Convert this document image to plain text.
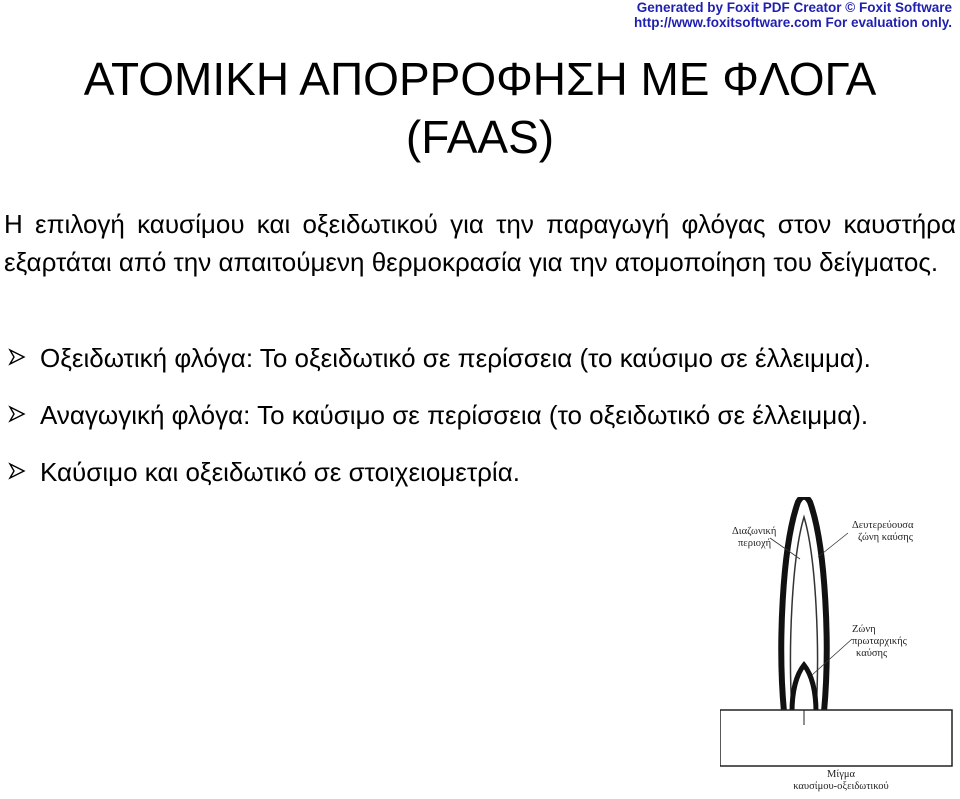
Generated by Foxit PDF Creator © Foxit Software
http://www.foxitsoftware.com For evaluation only.
ΑΤΟΜΙΚΗ ΑΠΟΡΡΟΦΗΣΗ ΜΕ ΦΛΟΓΑ
(FAAS)

Η επιλογή καυσίμου και οξειδωτικού για την παραγωγή φλόγας στον καυστήρα εξαρτάται από την απαιτούμενη θερμοκρασία για την ατομοποίηση του δείγματος.

Οξειδωτική φλόγα: Το οξειδωτικό σε περίσσεια (το καύσιμο σε έλλειμμα).
Αναγωγική φλόγα: Το καύσιμο σε περίσσεια (το οξειδωτικό σε έλλειμμα).
Καύσιμο και οξειδωτικό σε στοιχειομετρία.
Διαζωνική
περιοχή
Δευτερεύουσα
ζώνη καύσης
Ζώνη
πρωταρχικής
καύσης
Μίγμα
καυσίμου-οξειδωτικού
